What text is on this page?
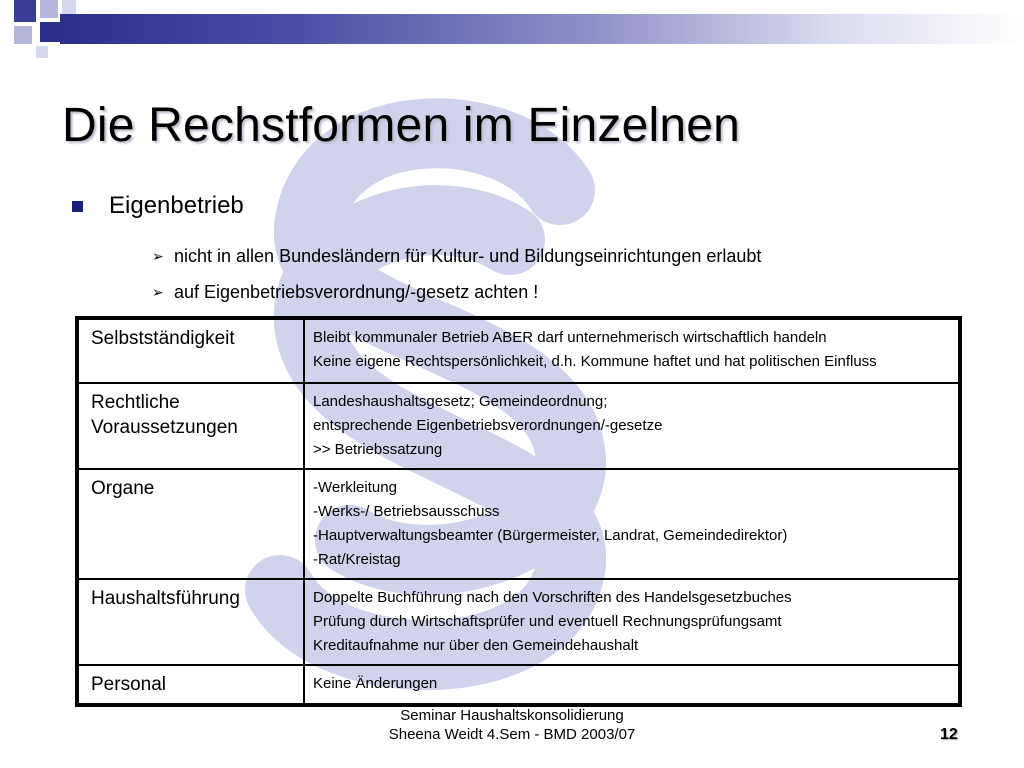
Die Rechstformen im Einzelnen
Eigenbetrieb
➢ nicht in allen Bundesländern für Kultur- und Bildungseinrichtungen erlaubt
➢ auf Eigenbetriebsverordnung/-gesetz achten !
Selbstständigkeit	Bleibt kommunaler Betrieb ABER darf unternehmerisch wirtschaftlich handeln
Keine eigene Rechtspersönlichkeit, d.h. Kommune haftet und hat politischen Einfluss

Rechtliche
Voraussetzungen	Landeshaushaltsgesetz; Gemeindeordnung;
entsprechende Eigenbetriebsverordnungen/-gesetze
>> Betriebssatzung

Organe	-Werkleitung
-Werks-/ Betriebsausschuss
-Hauptverwaltungsbeamter (Bürgermeister, Landrat, Gemeindedirektor)
-Rat/Kreistag

Haushaltsführung	Doppelte Buchführung nach den Vorschriften des Handelsgesetzbuches
Prüfung durch Wirtschaftsprüfer und eventuell Rechnungsprüfungsamt
Kreditaufnahme nur über den Gemeindehaushalt

Personal	Keine Änderungen
Seminar Haushaltskonsolidierung
Sheena Weidt 4.Sem - BMD 2003/07	12
